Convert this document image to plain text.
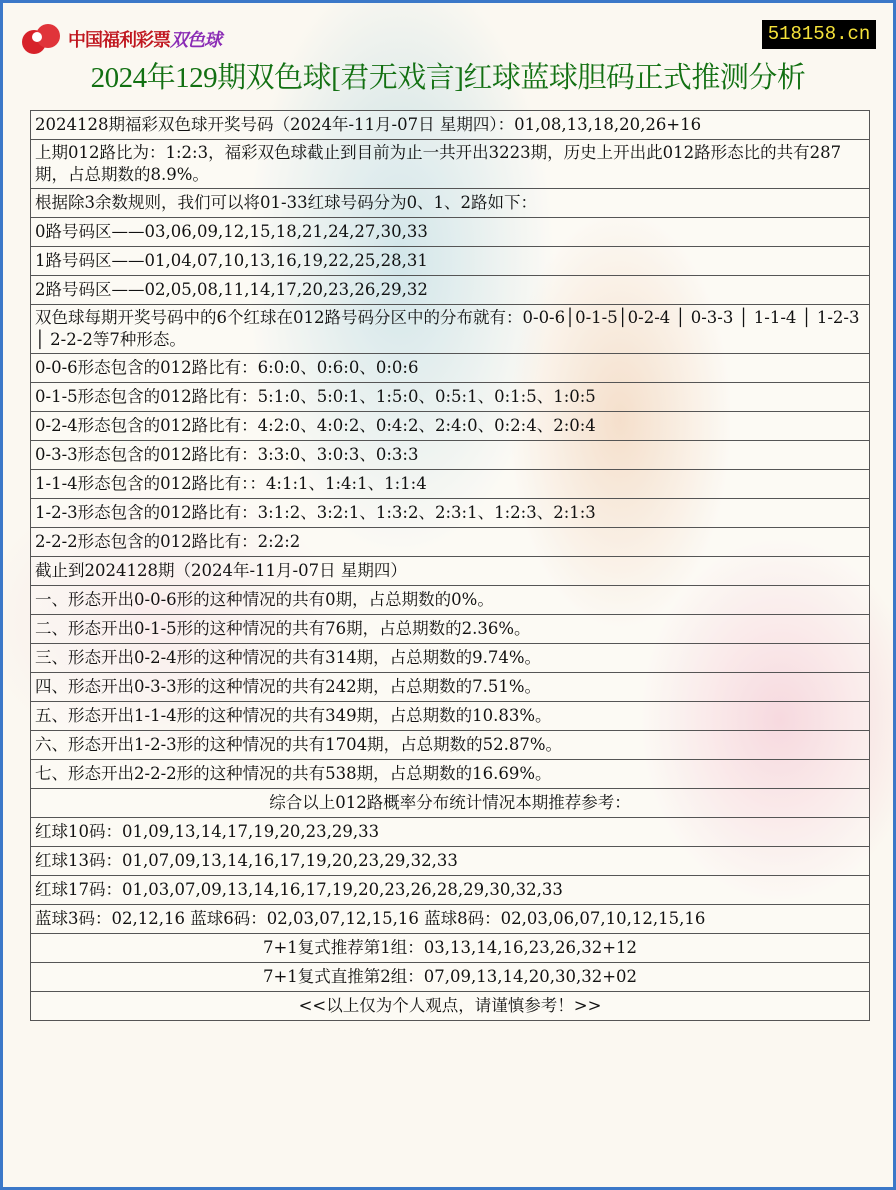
中国福利彩票双色球	518158.cn
2024年129期双色球[君无戏言]红球蓝球胆码正式推测分析
2024128期福彩双色球开奖号码（2024年-11月-07日 星期四）：01,08,13,18,20,26+16
上期012路比为：1:2:3，福彩双色球截止到目前为止一共开出3223期，历史上开出此012路形态比的共有287期，占总期数的8.9%。
根据除3余数规则，我们可以将01-33红球号码分为0、1、2路如下：
0路号码区——03,06,09,12,15,18,21,24,27,30,33
1路号码区——01,04,07,10,13,16,19,22,25,28,31
2路号码区——02,05,08,11,14,17,20,23,26,29,32
双色球每期开奖号码中的6个红球在012路号码分区中的分布就有：0-0-6│0-1-5│0-2-4 │ 0-3-3 │ 1-1-4 │ 1-2-3 │ 2-2-2等7种形态。
0-0-6形态包含的012路比有：6:0:0、0:6:0、0:0:6
0-1-5形态包含的012路比有：5:1:0、5:0:1、1:5:0、0:5:1、0:1:5、1:0:5
0-2-4形态包含的012路比有：4:2:0、4:0:2、0:4:2、2:4:0、0:2:4、2:0:4
0-3-3形态包含的012路比有：3:3:0、3:0:3、0:3:3
1-1-4形态包含的012路比有：：4:1:1、1:4:1、1:1:4
1-2-3形态包含的012路比有：3:1:2、3:2:1、1:3:2、2:3:1、1:2:3、2:1:3
2-2-2形态包含的012路比有：2:2:2
截止到2024128期（2024年-11月-07日 星期四）
一、形态开出0-0-6形的这种情况的共有0期，占总期数的0%。
二、形态开出0-1-5形的这种情况的共有76期，占总期数的2.36%。
三、形态开出0-2-4形的这种情况的共有314期，占总期数的9.74%。
四、形态开出0-3-3形的这种情况的共有242期，占总期数的7.51%。
五、形态开出1-1-4形的这种情况的共有349期，占总期数的10.83%。
六、形态开出1-2-3形的这种情况的共有1704期，占总期数的52.87%。
七、形态开出2-2-2形的这种情况的共有538期，占总期数的16.69%。
综合以上012路概率分布统计情况本期推荐参考：
红球10码：01,09,13,14,17,19,20,23,29,33
红球13码：01,07,09,13,14,16,17,19,20,23,29,32,33
红球17码：01,03,07,09,13,14,16,17,19,20,23,26,28,29,30,32,33
蓝球3码：02,12,16 蓝球6码：02,03,07,12,15,16 蓝球8码：02,03,06,07,10,12,15,16
7+1复式推荐第1组：03,13,14,16,23,26,32+12
7+1复式直推第2组：07,09,13,14,20,30,32+02
<<以上仅为个人观点，请谨慎参考！>>
